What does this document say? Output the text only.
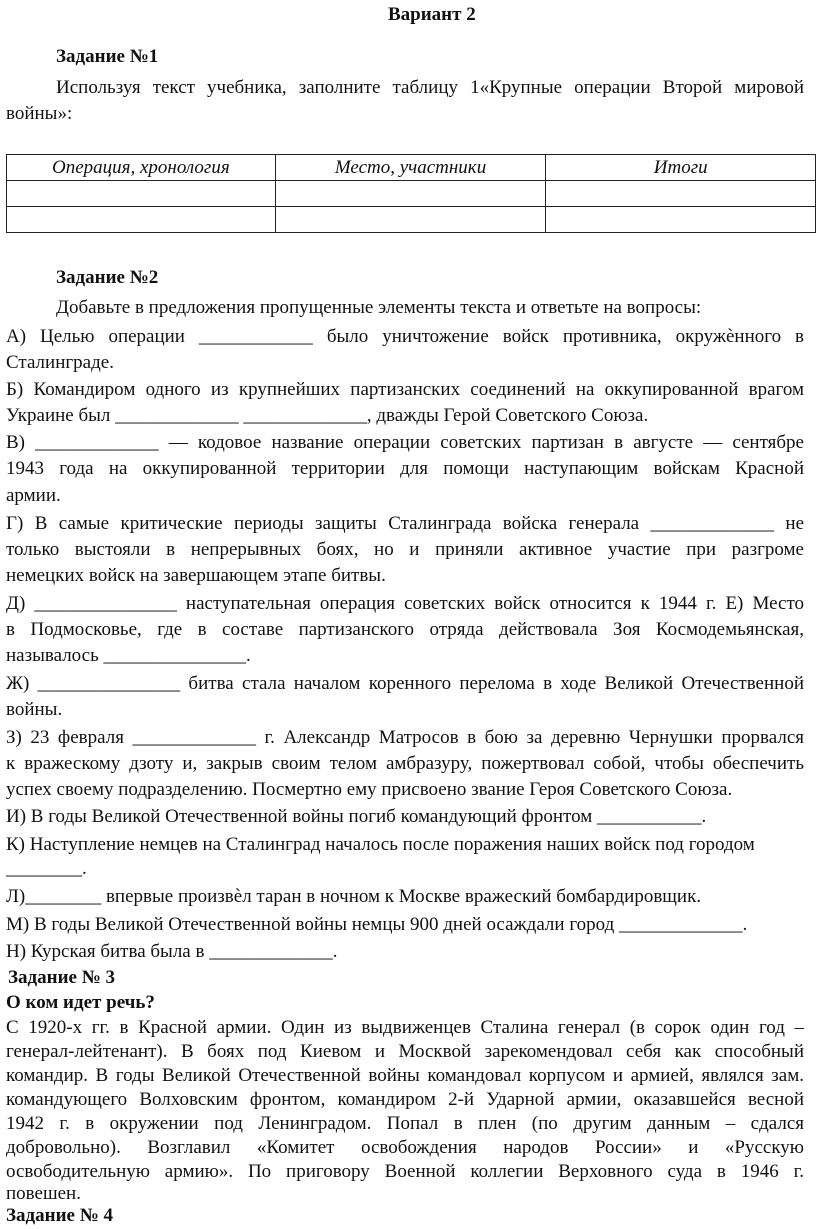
Вариант 2
Задание №1
Используя текст учебника, заполните таблицу 1«Крупные операции Второй мировой
войны»:
Операция, хронология	Место, участники	Итоги

Задание №2
Добавьте в предложения пропущенные элементы текста и ответьте на вопросы:
А) Целью операции ____________ было уничтожение войск противника, окружѐнного в
Сталинграде.
Б) Командиром одного из крупнейших партизанских соединений на оккупированной врагом
Украине был _____________ _____________, дважды Герой Советского Союза.
В) _____________ — кодовое название операции советских партизан в августе — сентябре
1943 года на оккупированной территории для помощи наступающим войскам Красной
армии.
Г) В самые критические периоды защиты Сталинграда войска генерала _____________ не
только выстояли в непрерывных боях, но и приняли активное участие при разгроме
немецких войск на завершающем этапе битвы.
Д) _______________ наступательная операция советских войск относится к 1944 г. Е) Место
в Подмосковье, где в составе партизанского отряда действовала Зоя Космодемьянская,
называлось _______________.
Ж) _______________ битва стала началом коренного перелома в ходе Великой Отечественной
войны.
З) 23 февраля _____________ г. Александр Матросов в бою за деревню Чернушки прорвался
к вражескому дзоту и, закрыв своим телом амбразуру, пожертвовал собой, чтобы обеспечить
успех своему подразделению. Посмертно ему присвоено звание Героя Советского Союза.
И) В годы Великой Отечественной войны погиб командующий фронтом ___________.
К) Наступление немцев на Сталинград началось после поражения наших войск под городом
________.
Л)________ впервые произвѐл таран в ночном к Москве вражеский бомбардировщик.
М) В годы Великой Отечественной войны немцы 900 дней осаждали город _____________.
Н) Курская битва была в _____________.
Задание № 3
О ком идет речь?
С 1920-х гг. в Красной армии. Один из выдвиженцев Сталина генерал (в сорок один год –
генерал-лейтенант). В боях под Киевом и Москвой зарекомендовал себя как способный
командир. В годы Великой Отечественной войны командовал корпусом и армией, являлся зам.
командующего Волховским фронтом, командиром 2-й Ударной армии, оказавшейся весной
1942 г. в окружении под Ленинградом. Попал в плен (по другим данным – сдался
добровольно). Возглавил «Комитет освобождения народов России» и «Русскую
освободительную армию». По приговору Военной коллегии Верховного суда в 1946 г.
повешен.
Задание № 4
